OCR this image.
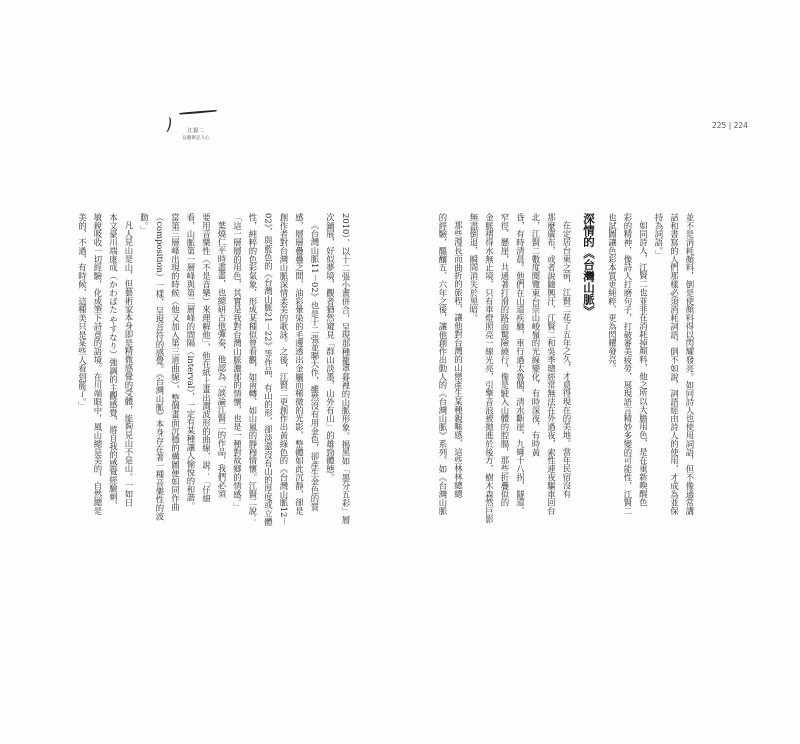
江賢二
以藝術記人心
225 | 224
並不是消耗顏料，倒是使顏料得以閃耀發亮。如同詩人也使用詞語，但不像通常講
話和書寫的人們那樣必須消耗詞語，倒不如說，詞語經由詩人的使用，才成為並保
持為詞語。」
如同詩人，江賢二也並非在消耗掉顏料，他之所以大膽用色，是在重新喚醒色
彩的精神，像詩人打磨句子，打破審美疲勞，展現語言精妙多變的可能性，江賢二
也試圖讓色彩本質更純粹、更為閃耀發亮。
深情的《台灣山脈》
在定居台東之前，江賢二花了五年之久，才覓得現在的美地。當年民宿沒有
那麼廣布，或者說隨興汗，江賢二和吳季璁經常無法在外過夜，索性連夜驅車回台
北，江賢二數度閱覽東台崇山峻嶺的光線變化，有時深夜，有時黃
昏，有時清晨。他們在山道疾馳，車行過太魯閣、清水斷崖、九彎十八拐，隧道、
窄徑、懸崖，共通著打滑的路面驚險繞行，像是駛入山體的腔腸，那些折疊似的
金脈褶得水無止境，只有車燈照亮一線光亮，引擎音浪被拋進於後方，樹木森然巨影
無盡倒退，瞬間消失於黑暗。
那些漫長而曲折的旅程，讓他對台灣的山巒產生某種親暱感，這些林林總總
的經驗，醞釀五、六年之後，讓他創作出動人的《台灣山脈》系列。如《台灣山脈
2010）、以十二張小畫併合，呈現那種籠罩暮裡的山脈形象。揭黑如「墨分五彩」層
次鋪展，好似夢境，觀者猶然窺見「群山淡墨，山外有山」的雄勁體態。
《台灣山脈11－02》也是十二張並聯大作，雖然沒有用金色，卻產生金色的質
感，層層疊疊之間，油彩暈染的毛邊透出金屬而稀微的光影，整體如此沉靜，卻是
創作者對台灣山脈深情柔美的歌詠。之後，江賢二更創作出黃綠色的《台灣山脈12－
02》，與藍色的《台灣山脈21－22》等作品，有山的形，卻淡還沒有山的厚度或立體
性，純粹的色彩氣象，形成某種似曾看觀，如南轉、如山嵐的靜穆情懷。江賢二說：
「這一層層的用色，其實是我對台灣山脈濃郁的情懷，也是一種對故鄉的情感。」
葉燒仁平時畫畫，也總研古他彈奏，他認為「談論江賢二的作品，我們必須
要用音樂性（不是音樂）來理解他」，他在紙上畫出澗波形的曲線，說：「仔細
看，山脈第一層峰與第二層峰的間隔（interval），一定有某種讓人愉悅的和諧。
當第三層峰出現的時候（他又加入第三道曲線），整個畫面沉穩的構圖便如同作曲
（composition）一樣，呈現音符的感覺。《台灣山脈》本身存在著一種音樂性的波
動。」
凡人見山是山，但藝術家本身即是精微感覺的受體，能夠見山不是山。一如日
本文豪川端康成（かわばた やすなり）強調的主觀感覺，將自我的感覺經驗刺、
敏銳吸收一切經驗，化成筆下詩意的語境。在川端眼中，風山總是美的，自然總是
美的，不過，有時候，這種美只是某些人看到罷了。」
